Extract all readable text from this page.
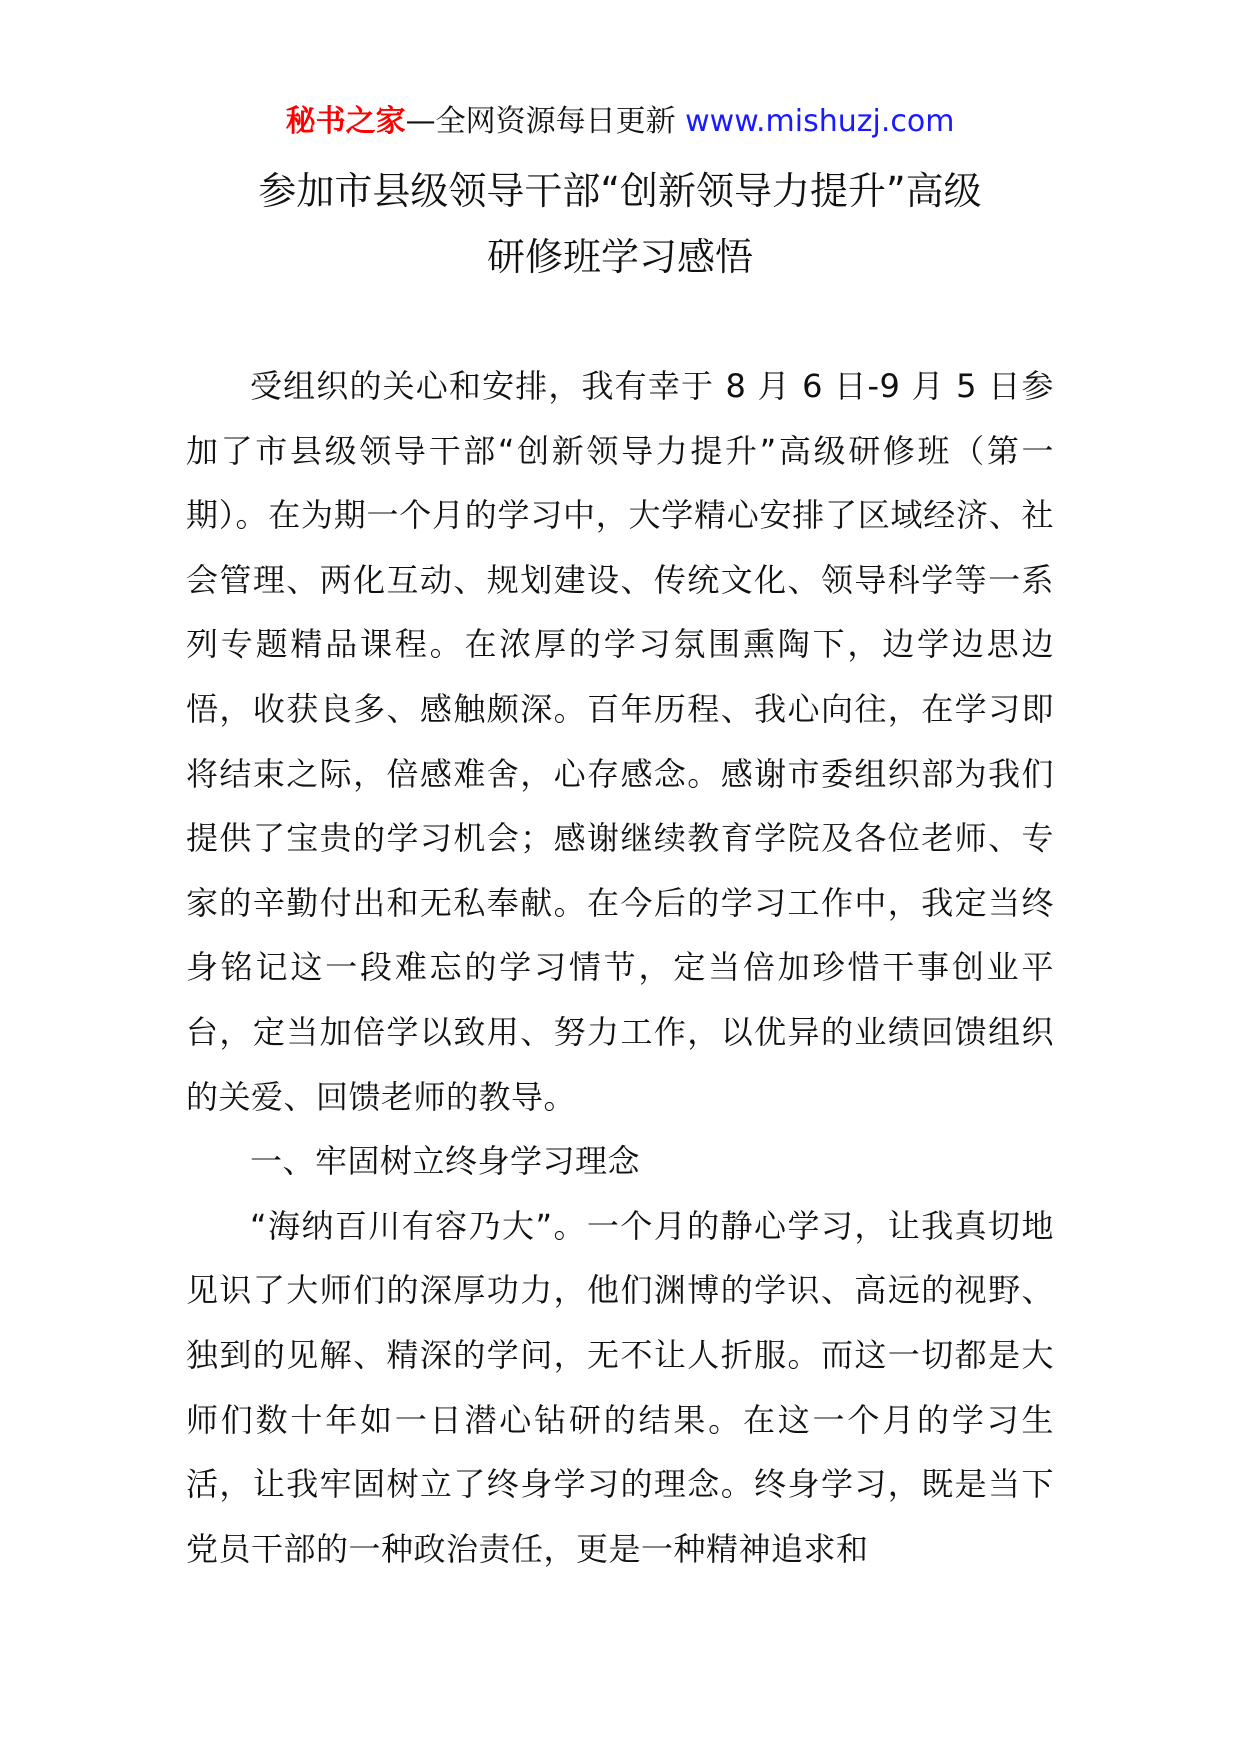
秘书之家—全网资源每日更新 www.mishuzj.com
参加市县级领导干部“创新领导力提升”高级
研修班学习感悟

受组织的关心和安排，我有幸于 8 月 6 日-9 月 5 日参加了市县级领导干部“创新领导力提升”高级研修班（第一期）。在为期一个月的学习中，大学精心安排了区域经济、社会管理、两化互动、规划建设、传统文化、领导科学等一系列专题精品课程。在浓厚的学习氛围熏陶下，边学边思边悟，收获良多、感触颇深。百年历程、我心向往，在学习即将结束之际，倍感难舍，心存感念。感谢市委组织部为我们提供了宝贵的学习机会；感谢继续教育学院及各位老师、专家的辛勤付出和无私奉献。在今后的学习工作中，我定当终身铭记这一段难忘的学习情节，定当倍加珍惜干事创业平台，定当加倍学以致用、努力工作，以优异的业绩回馈组织的关爱、回馈老师的教导。

一、牢固树立终身学习理念

“海纳百川有容乃大”。一个月的静心学习，让我真切地见识了大师们的深厚功力，他们渊博的学识、高远的视野、独到的见解、精深的学问，无不让人折服。而这一切都是大师们数十年如一日潜心钻研的结果。在这一个月的学习生活，让我牢固树立了终身学习的理念。终身学习，既是当下党员干部的一种政治责任，更是一种精神追求和
